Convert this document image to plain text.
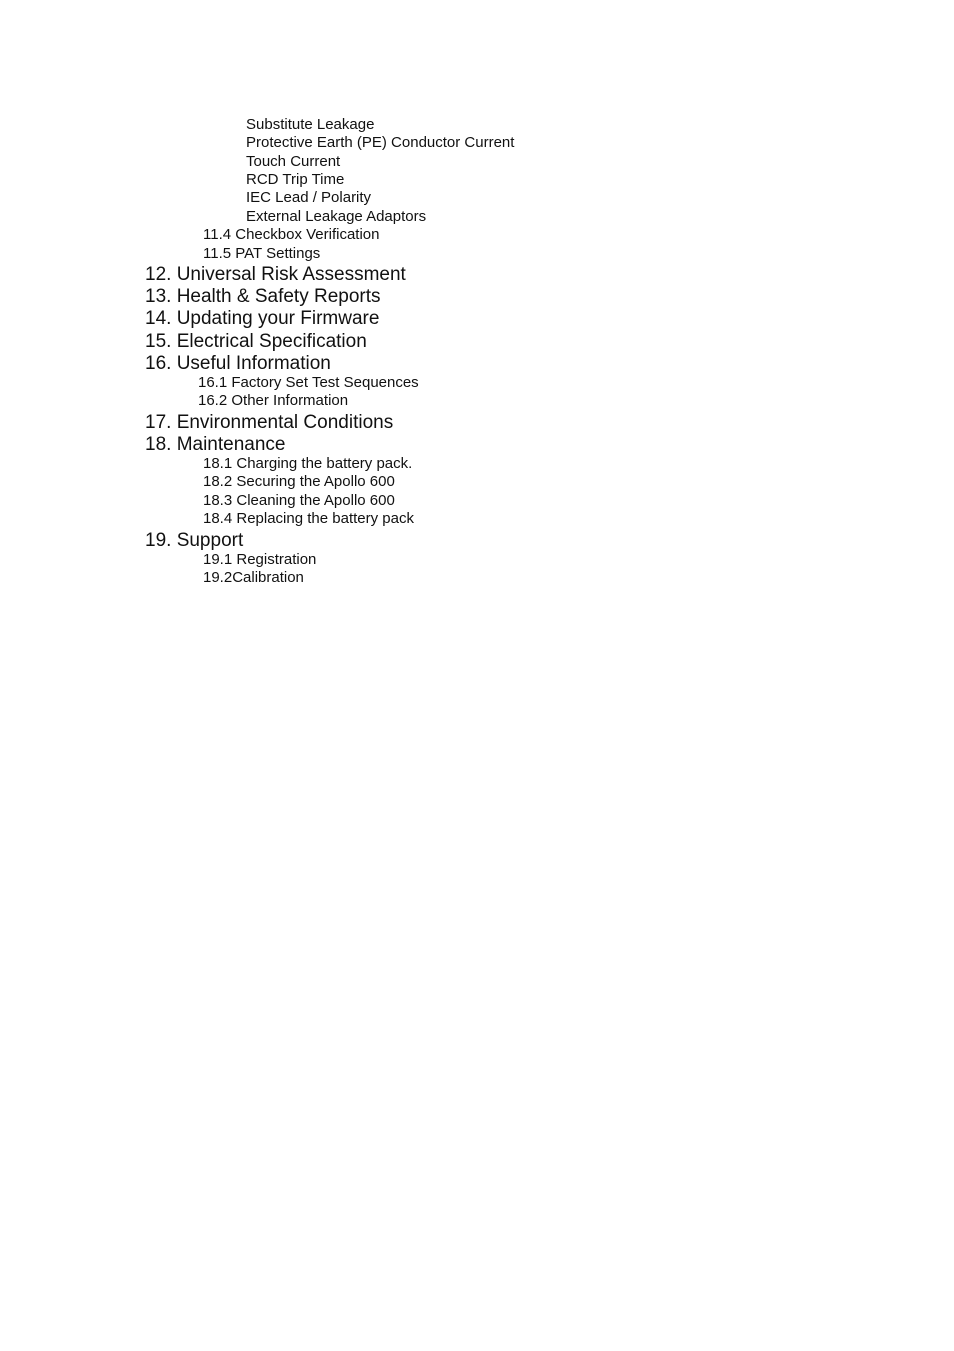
Substitute Leakage
Protective Earth (PE) Conductor Current
Touch Current
RCD Trip Time
IEC Lead / Polarity
External Leakage Adaptors
11.4 Checkbox Verification
11.5 PAT Settings
12. Universal Risk Assessment
13. Health & Safety Reports
14. Updating your Firmware
15. Electrical Specification
16. Useful Information
16.1 Factory Set Test Sequences
16.2 Other Information
17. Environmental Conditions
18. Maintenance
18.1 Charging the battery pack.
18.2 Securing the Apollo 600
18.3 Cleaning the Apollo 600
18.4 Replacing the battery pack
19. Support
19.1 Registration
19.2Calibration
